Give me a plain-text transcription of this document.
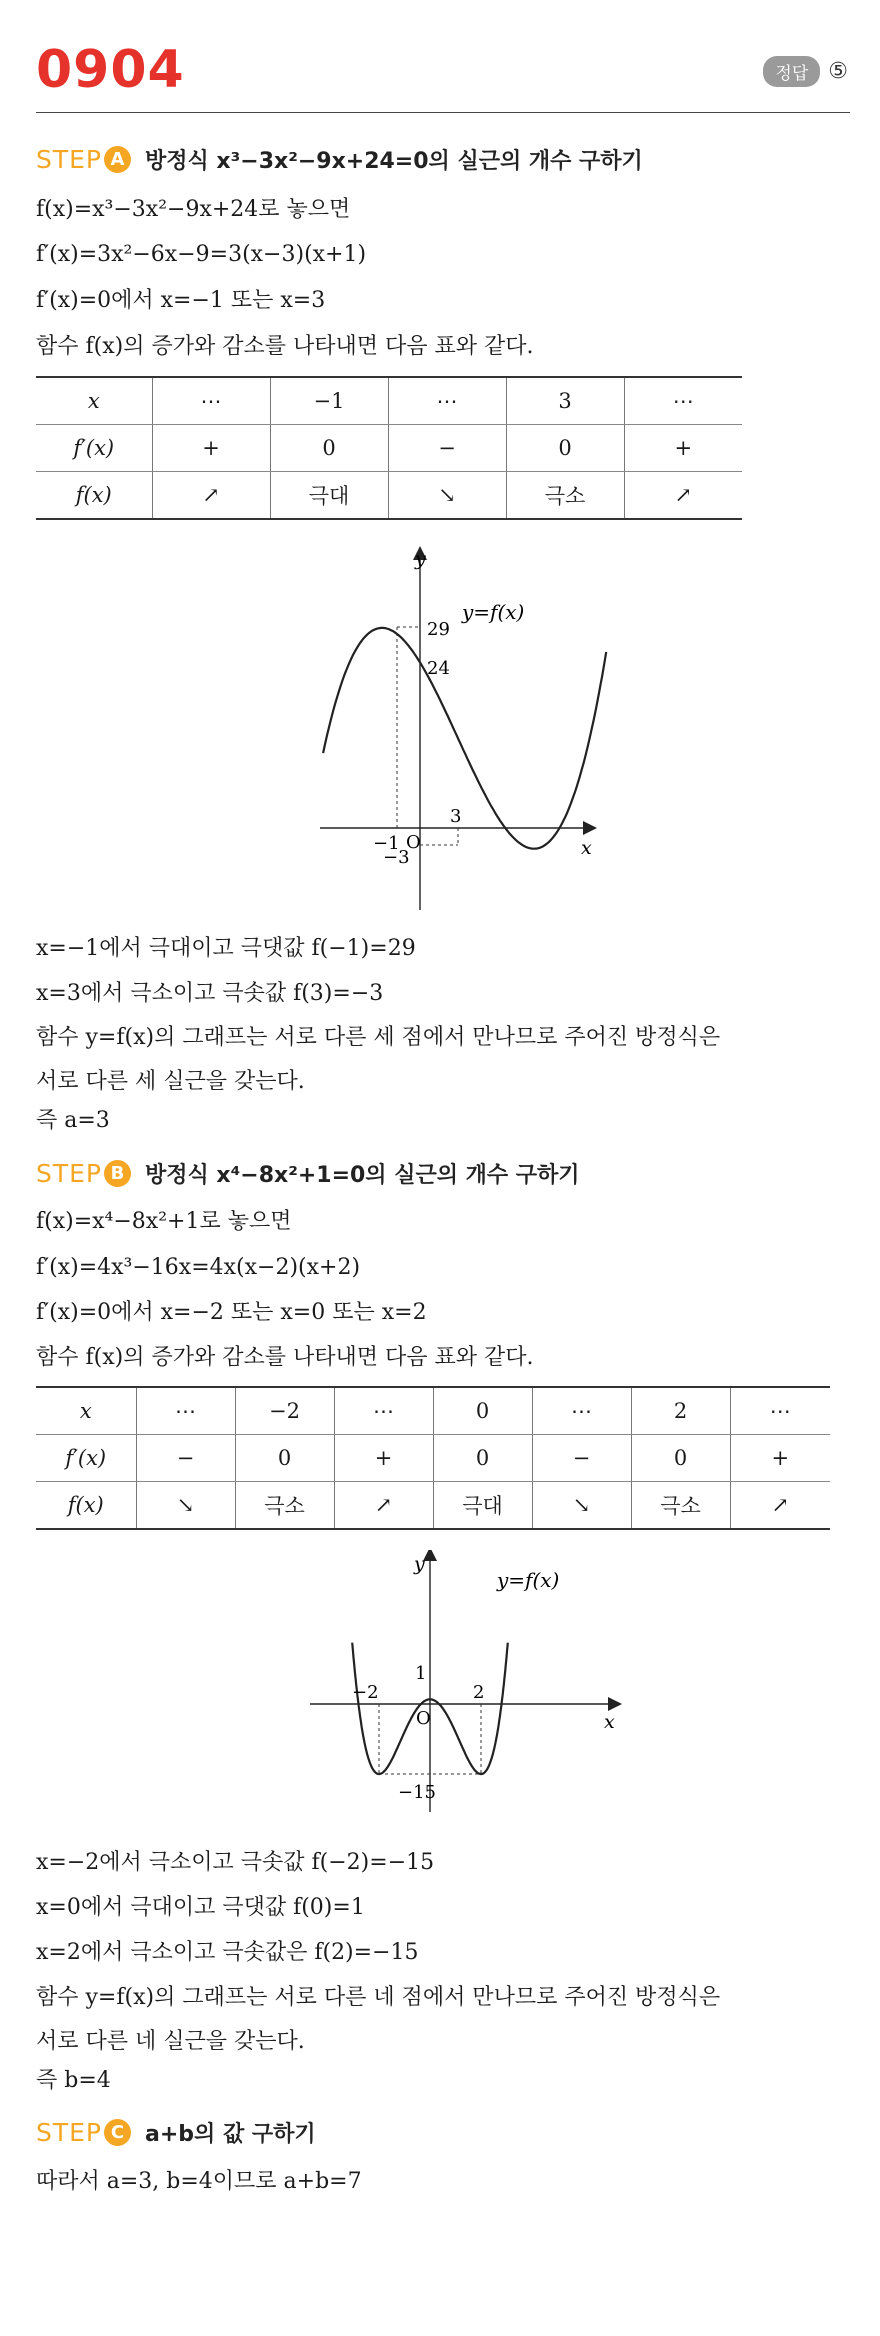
0904	정답 ⑤
STEP A 방정식 x³−3x²−9x+24=0의 실근의 개수 구하기
f(x)=x³−3x²−9x+24로 놓으면
f′(x)=3x²−6x−9=3(x−3)(x+1)
f′(x)=0에서 x=−1 또는 x=3
함수 f(x)의 증가와 감소를 나타내면 다음 표와 같다.
x	⋯	−1	⋯	3	⋯
f′(x)	+	0	−	0	+
f(x)	↗	극대	↘	극소	↗
y
x
O
y=f(x)
29
24
−3
−1
3
x=−1에서 극대이고 극댓값 f(−1)=29
x=3에서 극소이고 극솟값 f(3)=−3
함수 y=f(x)의 그래프는 서로 다른 세 점에서 만나므로 주어진 방정식은
서로 다른 세 실근을 갖는다.
즉 a=3
STEP B 방정식 x⁴−8x²+1=0의 실근의 개수 구하기
f(x)=x⁴−8x²+1로 놓으면
f′(x)=4x³−16x=4x(x−2)(x+2)
f′(x)=0에서 x=−2 또는 x=0 또는 x=2
함수 f(x)의 증가와 감소를 나타내면 다음 표와 같다.
x	⋯	−2	⋯	0	⋯	2	⋯
f′(x)	−	0	+	0	−	0	+
f(x)	↘	극소	↗	극대	↘	극소	↗
y
x
O
y=f(x)
1
−15
−2	2
x=−2에서 극소이고 극솟값 f(−2)=−15
x=0에서 극대이고 극댓값 f(0)=1
x=2에서 극소이고 극솟값은 f(2)=−15
함수 y=f(x)의 그래프는 서로 다른 네 점에서 만나므로 주어진 방정식은
서로 다른 네 실근을 갖는다.
즉 b=4
STEP C a+b의 값 구하기
따라서 a=3, b=4이므로 a+b=7
